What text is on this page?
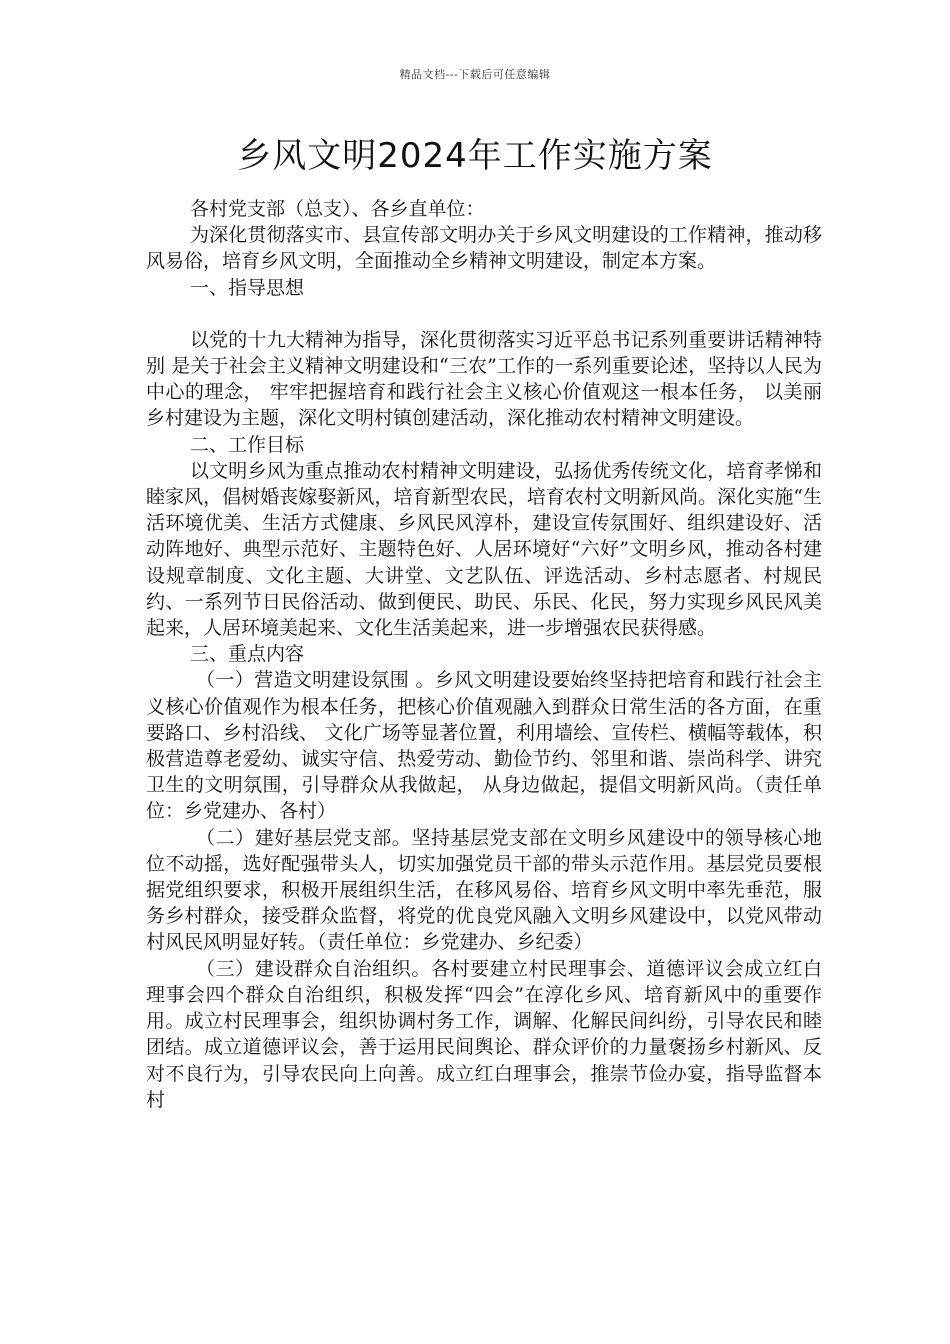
精品文档---下载后可任意编辑
乡风文明2024年工作实施方案

各村党支部（总支）、各乡直单位：

为深化贯彻落实市、县宣传部文明办关于乡风文明建设的工作精神，推动移风易俗，培育乡风文明，全面推动全乡精神文明建设，制定本方案。

一、指导思想

以党的十九大精神为指导，深化贯彻落实习近平总书记系列重要讲话精神特别 是关于社会主义精神文明建设和“三农”工作的一系列重要论述，坚持以人民为中心的理念， 牢牢把握培育和践行社会主义核心价值观这一根本任务， 以美丽乡村建设为主题，深化文明村镇创建活动，深化推动农村精神文明建设。

二、工作目标

以文明乡风为重点推动农村精神文明建设，弘扬优秀传统文化，培育孝悌和睦家风，倡树婚丧嫁娶新风，培育新型农民，培育农村文明新风尚。深化实施“生活环境优美、生活方式健康、乡风民风淳朴，建设宣传氛围好、组织建设好、活动阵地好、典型示范好、主题特色好、人居环境好“六好”文明乡风，推动各村建设规章制度、文化主题、大讲堂、文艺队伍、评选活动、乡村志愿者、村规民约、一系列节日民俗活动、做到便民、助民、乐民、化民，努力实现乡风民风美起来，人居环境美起来、文化生活美起来，进一步增强农民获得感。

三、重点内容

（一）营造文明建设氛围 。乡风文明建设要始终坚持把培育和践行社会主义核心价值观作为根本任务，把核心价值观融入到群众日常生活的各方面，在重要路口、乡村沿线、 文化广场等显著位置，利用墙绘、宣传栏、横幅等载体，积极营造尊老爱幼、诚实守信、热爱劳动、勤俭节约、邻里和谐、崇尚科学、讲究卫生的文明氛围，引导群众从我做起， 从身边做起，提倡文明新风尚。（责任单位：乡党建办、各村）

（二）建好基层党支部。坚持基层党支部在文明乡风建设中的领导核心地位不动摇，选好配强带头人，切实加强党员干部的带头示范作用。基层党员要根据党组织要求，积极开展组织生活，在移风易俗、培育乡风文明中率先垂范，服务乡村群众，接受群众监督，将党的优良党风融入文明乡风建设中，以党风带动村风民风明显好转。（责任单位：乡党建办、乡纪委）

（三）建设群众自治组织。各村要建立村民理事会、道德评议会成立红白理事会四个群众自治组织，积极发挥“四会”在淳化乡风、培育新风中的重要作用。成立村民理事会，组织协调村务工作，调解、化解民间纠纷，引导农民和睦团结。成立道德评议会，善于运用民间舆论、群众评价的力量褒扬乡村新风、反对不良行为，引导农民向上向善。成立红白理事会，推崇节俭办宴，指导监督本村
